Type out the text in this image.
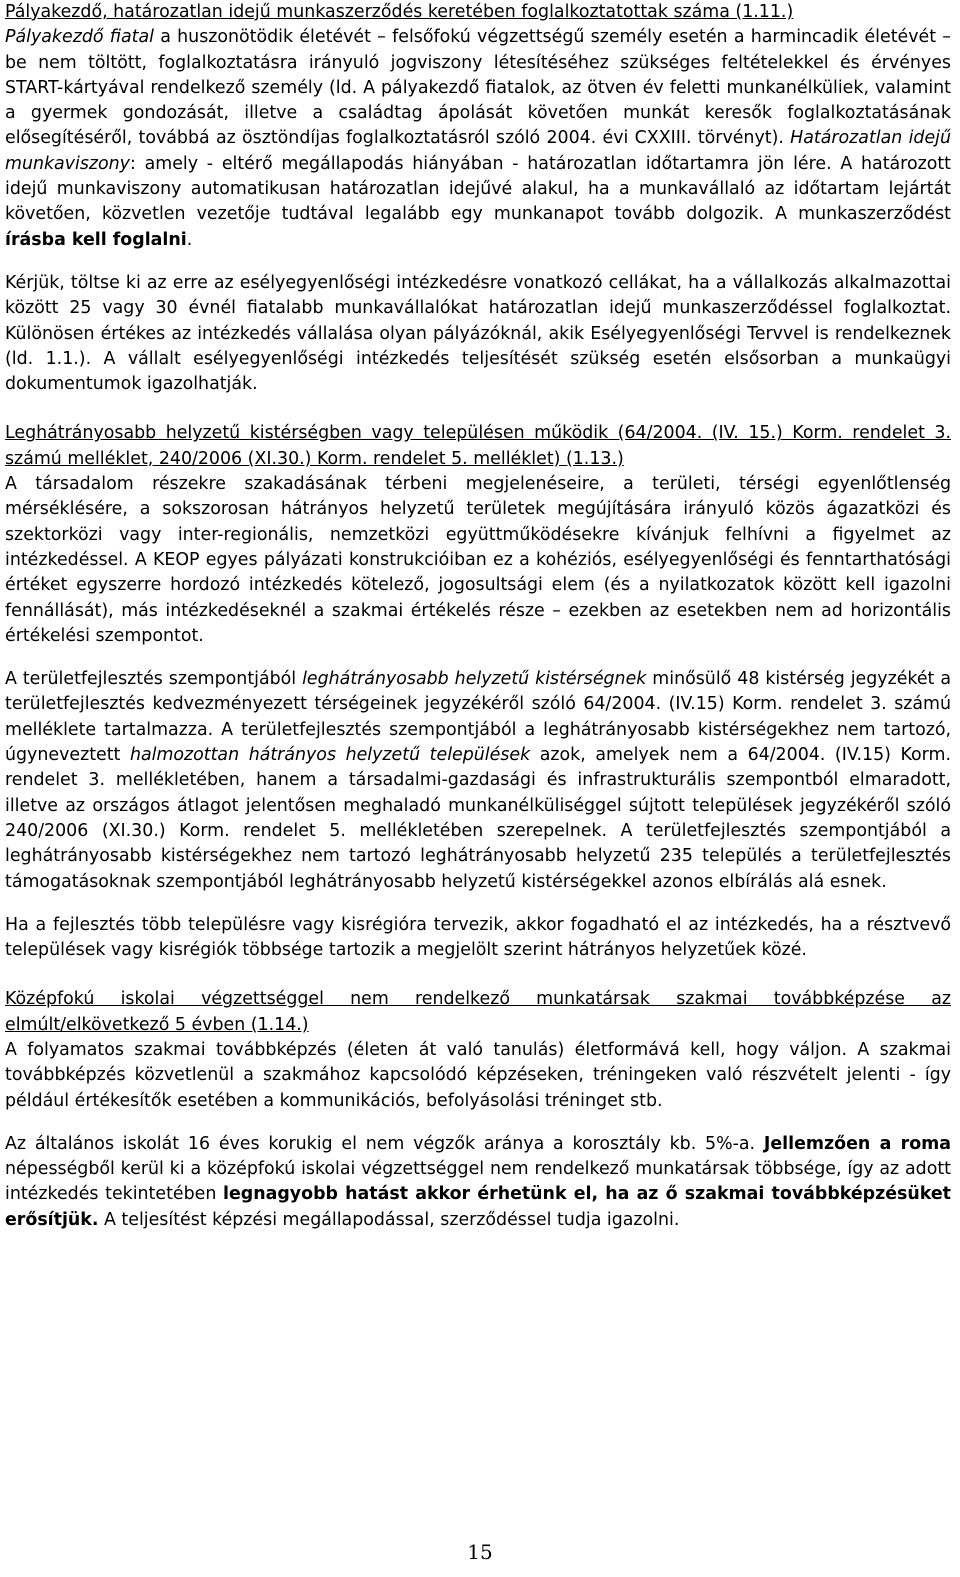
Pályakezdő, határozatlan idejű munkaszerződés keretében foglalkoztatottak száma (1.11.)

Pályakezdő fiatal a huszonötödik életévét – felsőfokú végzettségű személy esetén a harmincadik életévét – be nem töltött, foglalkoztatásra irányuló jogviszony létesítéséhez szükséges feltételekkel és érvényes START-kártyával rendelkező személy (ld. A pályakezdő fiatalok, az ötven év feletti munkanélküliek, valamint a gyermek gondozását, illetve a családtag ápolását követően munkát keresők foglalkoztatásának elősegítéséről, továbbá az ösztöndíjas foglalkoztatásról szóló 2004. évi CXXIII. törvényt). Határozatlan idejű munkaviszony: amely - eltérő megállapodás hiányában - határozatlan időtartamra jön lére. A határozott idejű munkaviszony automatikusan határozatlan idejűvé alakul, ha a munkavállaló az időtartam lejártát követően, közvetlen vezetője tudtával legalább egy munkanapot tovább dolgozik. A munkaszerződést írásba kell foglalni.

Kérjük, töltse ki az erre az esélyegyenlőségi intézkedésre vonatkozó cellákat, ha a vállalkozás alkalmazottai között 25 vagy 30 évnél fiatalabb munkavállalókat határozatlan idejű munkaszerződéssel foglalkoztat. Különösen értékes az intézkedés vállalása olyan pályázóknál, akik Esélyegyenlőségi Tervvel is rendelkeznek (ld. 1.1.). A vállalt esélyegyenlőségi intézkedés teljesítését szükség esetén elsősorban a munkaügyi dokumentumok igazolhatják.

Leghátrányosabb helyzetű kistérségben vagy településen működik (64/2004. (IV. 15.) Korm. rendelet 3. számú melléklet, 240/2006 (XI.30.) Korm. rendelet 5. melléklet) (1.13.)

A társadalom részekre szakadásának térbeni megjelenéseire, a területi, térségi egyenlőtlenség mérséklésére, a sokszorosan hátrányos helyzetű területek megújítására irányuló közös ágazatközi és szektorközi vagy inter-regionális, nemzetközi együttműködésekre kívánjuk felhívni a figyelmet az intézkedéssel. A KEOP egyes pályázati konstrukcióiban ez a kohéziós, esélyegyenlőségi és fenntarthatósági értéket egyszerre hordozó intézkedés kötelező, jogosultsági elem (és a nyilatkozatok között kell igazolni fennállását), más intézkedéseknél a szakmai értékelés része – ezekben az esetekben nem ad horizontális értékelési szempontot.

A területfejlesztés szempontjából leghátrányosabb helyzetű kistérségnek minősülő 48 kistérség jegyzékét a területfejlesztés kedvezményezett térségeinek jegyzékéről szóló 64/2004. (IV.15) Korm. rendelet 3. számú melléklete tartalmazza. A területfejlesztés szempontjából a leghátrányosabb kistérségekhez nem tartozó, úgyneveztett halmozottan hátrányos helyzetű települések azok, amelyek nem a 64/2004. (IV.15) Korm. rendelet 3. mellékletében, hanem a társadalmi-gazdasági és infrastrukturális szempontból elmaradott, illetve az országos átlagot jelentősen meghaladó munkanélküliséggel sújtott települések jegyzékéről szóló 240/2006 (XI.30.) Korm. rendelet 5. mellékletében szerepelnek. A területfejlesztés szempontjából a leghátrányosabb kistérségekhez nem tartozó leghátrányosabb helyzetű 235 település a területfejlesztés támogatásoknak szempontjából leghátrányosabb helyzetű kistérségekkel azonos elbírálás alá esnek.

Ha a fejlesztés több településre vagy kisrégióra tervezik, akkor fogadható el az intézkedés, ha a résztvevő települések vagy kisrégiók többsége tartozik a megjelölt szerint hátrányos helyzetűek közé.

Középfokú iskolai végzettséggel nem rendelkező munkatársak szakmai továbbképzése az elmúlt/elkövetkező 5 évben (1.14.)

A folyamatos szakmai továbbképzés (életen át való tanulás) életformává kell, hogy váljon. A szakmai továbbképzés közvetlenül a szakmához kapcsolódó képzéseken, tréningeken való részvételt jelenti - így például értékesítők esetében a kommunikációs, befolyásolási tréninget stb.

Az általános iskolát 16 éves korukig el nem végzők aránya a korosztály kb. 5%-a. Jellemzően a roma népességből kerül ki a középfokú iskolai végzettséggel nem rendelkező munkatársak többsége, így az adott intézkedés tekintetében legnagyobb hatást akkor érhetünk el, ha az ő szakmai továbbképzésüket erősítjük. A teljesítést képzési megállapodással, szerződéssel tudja igazolni.

15
